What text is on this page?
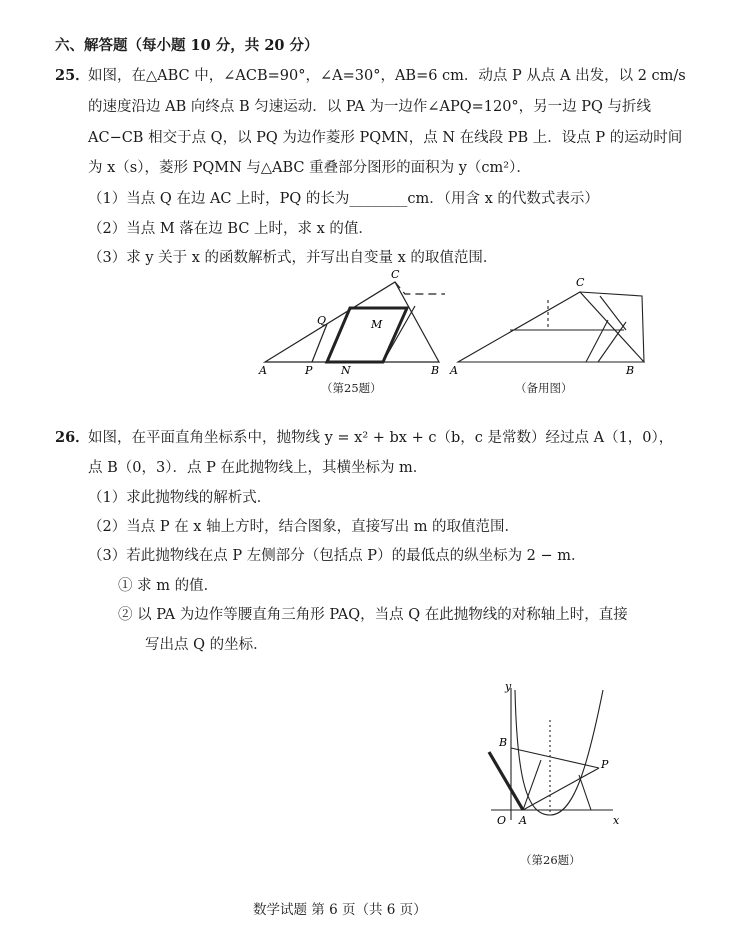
六、解答题（每小题 10 分，共 20 分）
25．
如图，在△ABC 中，∠ACB=90°，∠A=30°，AB=6 cm．动点 P 从点 A 出发，以 2 cm/s
的速度沿边 AB 向终点 B 匀速运动．以 PA 为一边作∠APQ=120°，另一边 PQ 与折线
AC−CB 相交于点 Q，以 PQ 为边作菱形 PQMN，点 N 在线段 PB 上．设点 P 的运动时间
为 x（s），菱形 PQMN 与△ABC 重叠部分图形的面积为 y（cm²）．
（1）当点 Q 在边 AC 上时，PQ 的长为________cm．（用含 x 的代数式表示）
（2）当点 M 落在边 BC 上时，求 x 的值．
（3）求 y 关于 x 的函数解析式，并写出自变量 x 的取值范围．
A	B
C
P
Q	M
N
（第25题）
A	B
C
（备用图）
26．
如图，在平面直角坐标系中，抛物线 y = x² + bx + c（b，c 是常数）经过点 A（1，0），
点 B（0，3）．点 P 在此抛物线上，其横坐标为 m．
（1）求此抛物线的解析式．
（2）当点 P 在 x 轴上方时，结合图象，直接写出 m 的取值范围．
（3）若此抛物线在点 P 左侧部分（包括点 P）的最低点的纵坐标为 2 − m．
① 求 m 的值．
② 以 PA 为边作等腰直角三角形 PAQ，当点 Q 在此抛物线的对称轴上时，直接
写出点 Q 的坐标．
y
x
O A
B
P
（第26题）
数学试题 第 6 页（共 6 页）
